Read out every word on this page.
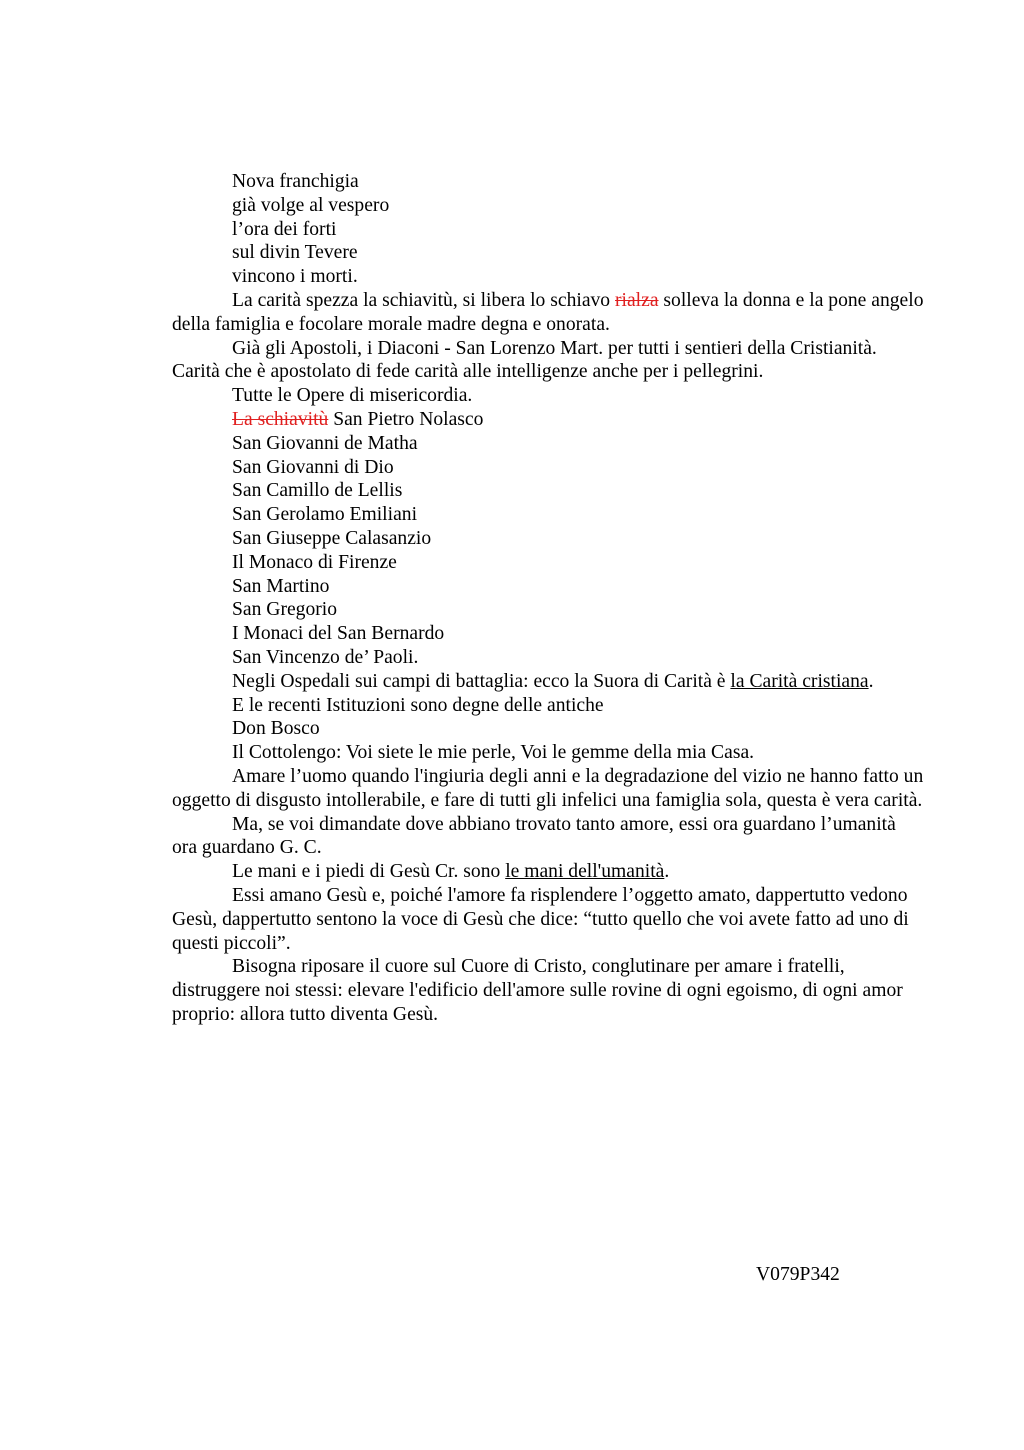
Nova franchigia

già volge al vespero

l’ora dei forti

sul divin Tevere

vincono i morti.

La carità spezza la schiavitù, si libera lo schiavo rialza solleva la donna e la pone angelo della famiglia e focolare morale madre degna e onorata.

Già gli Apostoli, i Diaconi - San Lorenzo Mart. per tutti i sentieri della Cristianità. Carità che è apostolato di fede carità alle intelligenze anche per i pellegrini.

Tutte le Opere di misericordia.

La schiavitù San Pietro Nolasco

San Giovanni de Matha

San Giovanni di Dio

San Camillo de Lellis

San Gerolamo Emiliani

San Giuseppe Calasanzio

Il Monaco di Firenze

San Martino

San Gregorio

I Monaci del San Bernardo

San Vincenzo de’ Paoli.

Negli Ospedali sui campi di battaglia: ecco la Suora di Carità è la Carità cristiana.

E le recenti Istituzioni sono degne delle antiche

Don Bosco

Il Cottolengo: Voi siete le mie perle, Voi le gemme della mia Casa.

Amare l’uomo quando l'ingiuria degli anni e la degradazione del vizio ne hanno fatto un oggetto di disgusto intollerabile, e fare di tutti gli infelici una famiglia sola, questa è vera carità.

Ma, se voi dimandate dove abbiano trovato tanto amore, essi ora guardano l’umanità ora guardano G. C.

Le mani e i piedi di Gesù Cr. sono le mani dell'umanità.

Essi amano Gesù e, poiché l'amore fa risplendere l’oggetto amato, dappertutto vedono Gesù, dappertutto sentono la voce di Gesù che dice: “tutto quello che voi avete fatto ad uno di questi piccoli”.

Bisogna riposare il cuore sul Cuore di Cristo, conglutinare per amare i fratelli, distruggere noi stessi: elevare l'edificio dell'amore sulle rovine di ogni egoismo, di ogni amor proprio: allora tutto diventa Gesù.

V079P342
